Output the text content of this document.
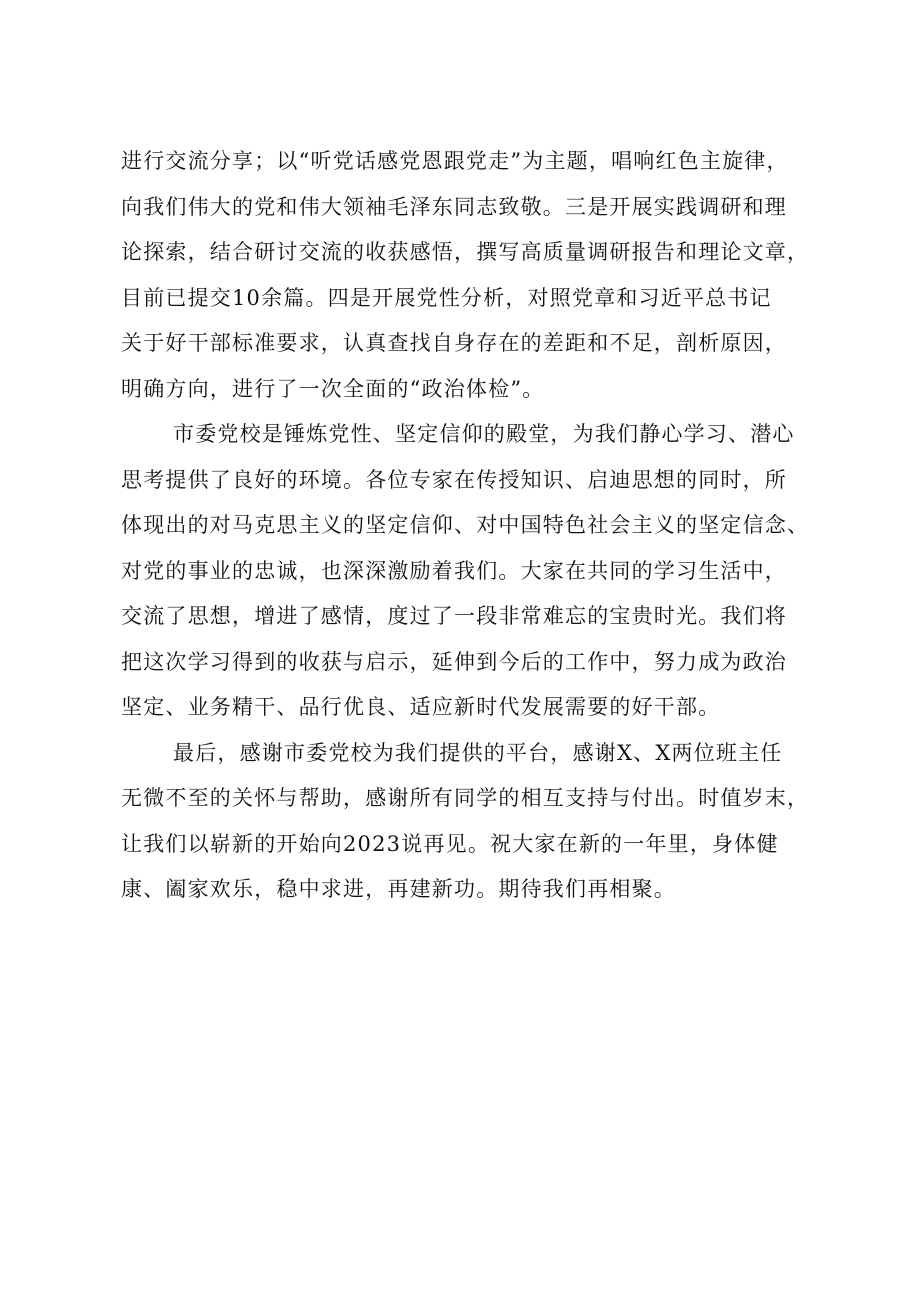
进行交流分享；以“听党话感党恩跟党走”为主题，唱响红色主旋律，
向我们伟大的党和伟大领袖毛泽东同志致敬。三是开展实践调研和理
论探索，结合研讨交流的收获感悟，撰写高质量调研报告和理论文章，
目前已提交10余篇。四是开展党性分析，对照党章和习近平总书记
关于好干部标准要求，认真查找自身存在的差距和不足，剖析原因，
明确方向，进行了一次全面的“政治体检”。
市委党校是锤炼党性、坚定信仰的殿堂，为我们静心学习、潜心
思考提供了良好的环境。各位专家在传授知识、启迪思想的同时，所
体现出的对马克思主义的坚定信仰、对中国特色社会主义的坚定信念、
对党的事业的忠诚，也深深激励着我们。大家在共同的学习生活中，
交流了思想，增进了感情，度过了一段非常难忘的宝贵时光。我们将
把这次学习得到的收获与启示，延伸到今后的工作中，努力成为政治
坚定、业务精干、品行优良、适应新时代发展需要的好干部。
最后，感谢市委党校为我们提供的平台，感谢X、X两位班主任
无微不至的关怀与帮助，感谢所有同学的相互支持与付出。时值岁末，
让我们以崭新的开始向2023说再见。祝大家在新的一年里，身体健
康、阖家欢乐，稳中求进，再建新功。期待我们再相聚。
